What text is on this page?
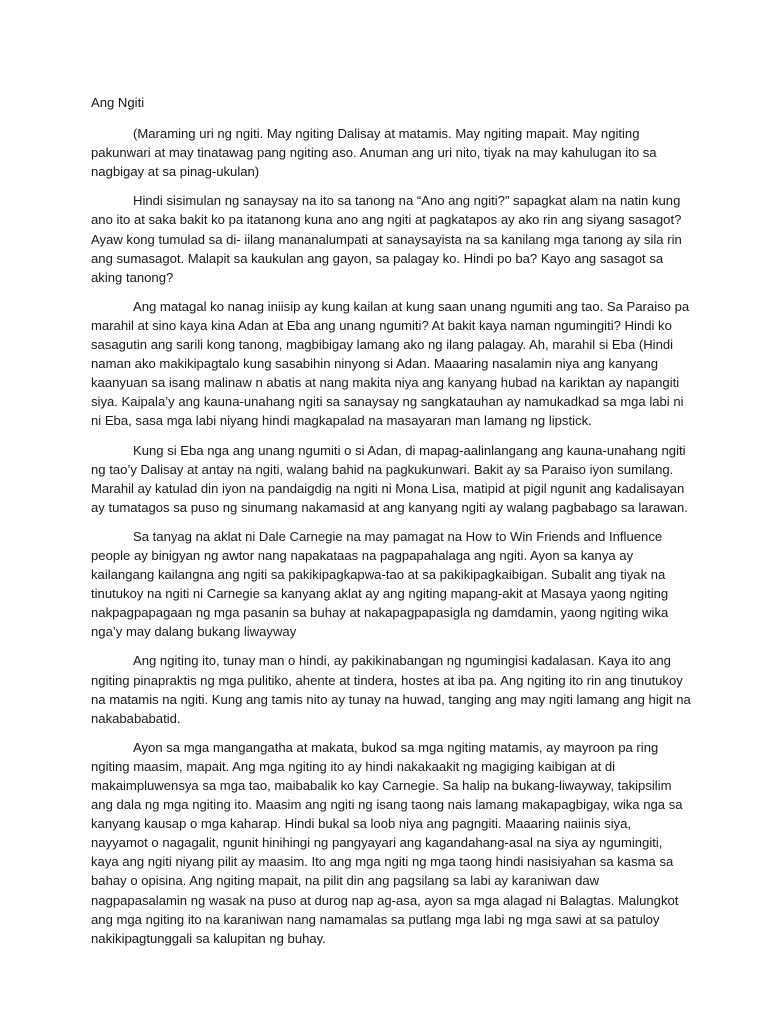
Ang Ngiti

(Maraming uri ng ngiti. May ngiting Dalisay at matamis. May ngiting mapait. May ngiting pakunwari at may tinatawag pang ngiting aso. Anuman ang uri nito, tiyak na may kahulugan ito sa nagbigay at sa pinag-ukulan)

Hindi sisimulan ng sanaysay na ito sa tanong na “Ano ang ngiti?” sapagkat alam na natin kung ano ito at saka bakit ko pa itatanong kuna ano ang ngiti at pagkatapos ay ako rin ang siyang sasagot? Ayaw kong tumulad sa di- iilang mananalumpati at sanaysayista na sa kanilang mga tanong ay sila rin ang sumasagot. Malapit sa kaukulan ang gayon, sa palagay ko. Hindi po ba? Kayo ang sasagot sa aking tanong?

Ang matagal ko nanag iniisip ay kung kailan at kung saan unang ngumiti ang tao. Sa Paraiso pa marahil at sino kaya kina Adan at Eba ang unang ngumiti? At bakit kaya naman ngumingiti? Hindi ko sasagutin ang sarili kong tanong, magbibigay lamang ako ng ilang palagay. Ah, marahil si Eba (Hindi naman ako makikipagtalo kung sasabihin ninyong si Adan. Maaaring nasalamin niya ang kanyang kaanyuan sa isang malinaw n abatis at nang makita niya ang kanyang hubad na kariktan ay napangiti siya. Kaipala’y ang kauna-unahang ngiti sa sanaysay ng sangkatauhan ay namukadkad sa mga labi ni ni Eba, sasa mga labi niyang hindi magkapalad na masayaran man lamang ng lipstick.

Kung si Eba nga ang unang ngumiti o si Adan, di mapag-aalinlangang ang kauna-unahang ngiti ng tao’y Dalisay at antay na ngiti, walang bahid na pagkukunwari. Bakit ay sa Paraiso iyon sumilang. Marahil ay katulad din iyon na pandaigdig na ngiti ni Mona Lisa, matipid at pigil ngunit ang kadalisayan ay tumatagos sa puso ng sinumang nakamasid at ang kanyang ngiti ay walang pagbabago sa larawan.

Sa tanyag na aklat ni Dale Carnegie na may pamagat na How to Win Friends and Influence people ay binigyan ng awtor nang napakataas na pagpapahalaga ang ngiti. Ayon sa kanya ay kailangang kailangna ang ngiti sa pakikipagkapwa-tao at sa pakikipagkaibigan. Subalit ang tiyak na tinutukoy na ngiti ni Carnegie sa kanyang aklat ay ang ngiting mapang-akit at Masaya yaong ngiting nakpagpapagaan ng mga pasanin sa buhay at nakapagpapasigla ng damdamin, yaong ngiting wika nga’y may dalang bukang liwayway

Ang ngiting ito, tunay man o hindi, ay pakikinabangan ng ngumingisi kadalasan. Kaya ito ang ngiting pinapraktis ng mga pulitiko, ahente at tindera, hostes at iba pa. Ang ngiting ito rin ang tinutukoy na matamis na ngiti. Kung ang tamis nito ay tunay na huwad, tanging ang may ngiti lamang ang higit na nakabababatid.

Ayon sa mga mangangatha at makata, bukod sa mga ngiting matamis, ay mayroon pa ring ngiting maasim, mapait. Ang mga ngiting ito ay hindi nakakaakit ng magiging kaibigan at di makaimpluwensya sa mga tao, maibabalik ko kay Carnegie. Sa halip na bukang-liwayway, takipsilim ang dala ng mga ngiting ito. Maasim ang ngiti ng isang taong nais lamang makapagbigay, wika nga sa kanyang kausap o mga kaharap. Hindi bukal sa loob niya ang pagngiti. Maaaring naiinis siya, nayyamot o nagagalit, ngunit hinihingi ng pangyayari ang kagandahang-asal na siya ay ngumingiti, kaya ang ngiti niyang pilit ay maasim. Ito ang mga ngiti ng mga taong hindi nasisiyahan sa kasma sa bahay o opisina. Ang ngiting mapait, na pilit din ang pagsilang sa labi ay karaniwan daw nagpapasalamin ng wasak na puso at durog nap ag-asa, ayon sa mga alagad ni Balagtas. Malungkot ang mga ngiting ito na karaniwan nang namamalas sa putlang mga labi ng mga sawi at sa patuloy nakikipagtunggali sa kalupitan ng buhay.
